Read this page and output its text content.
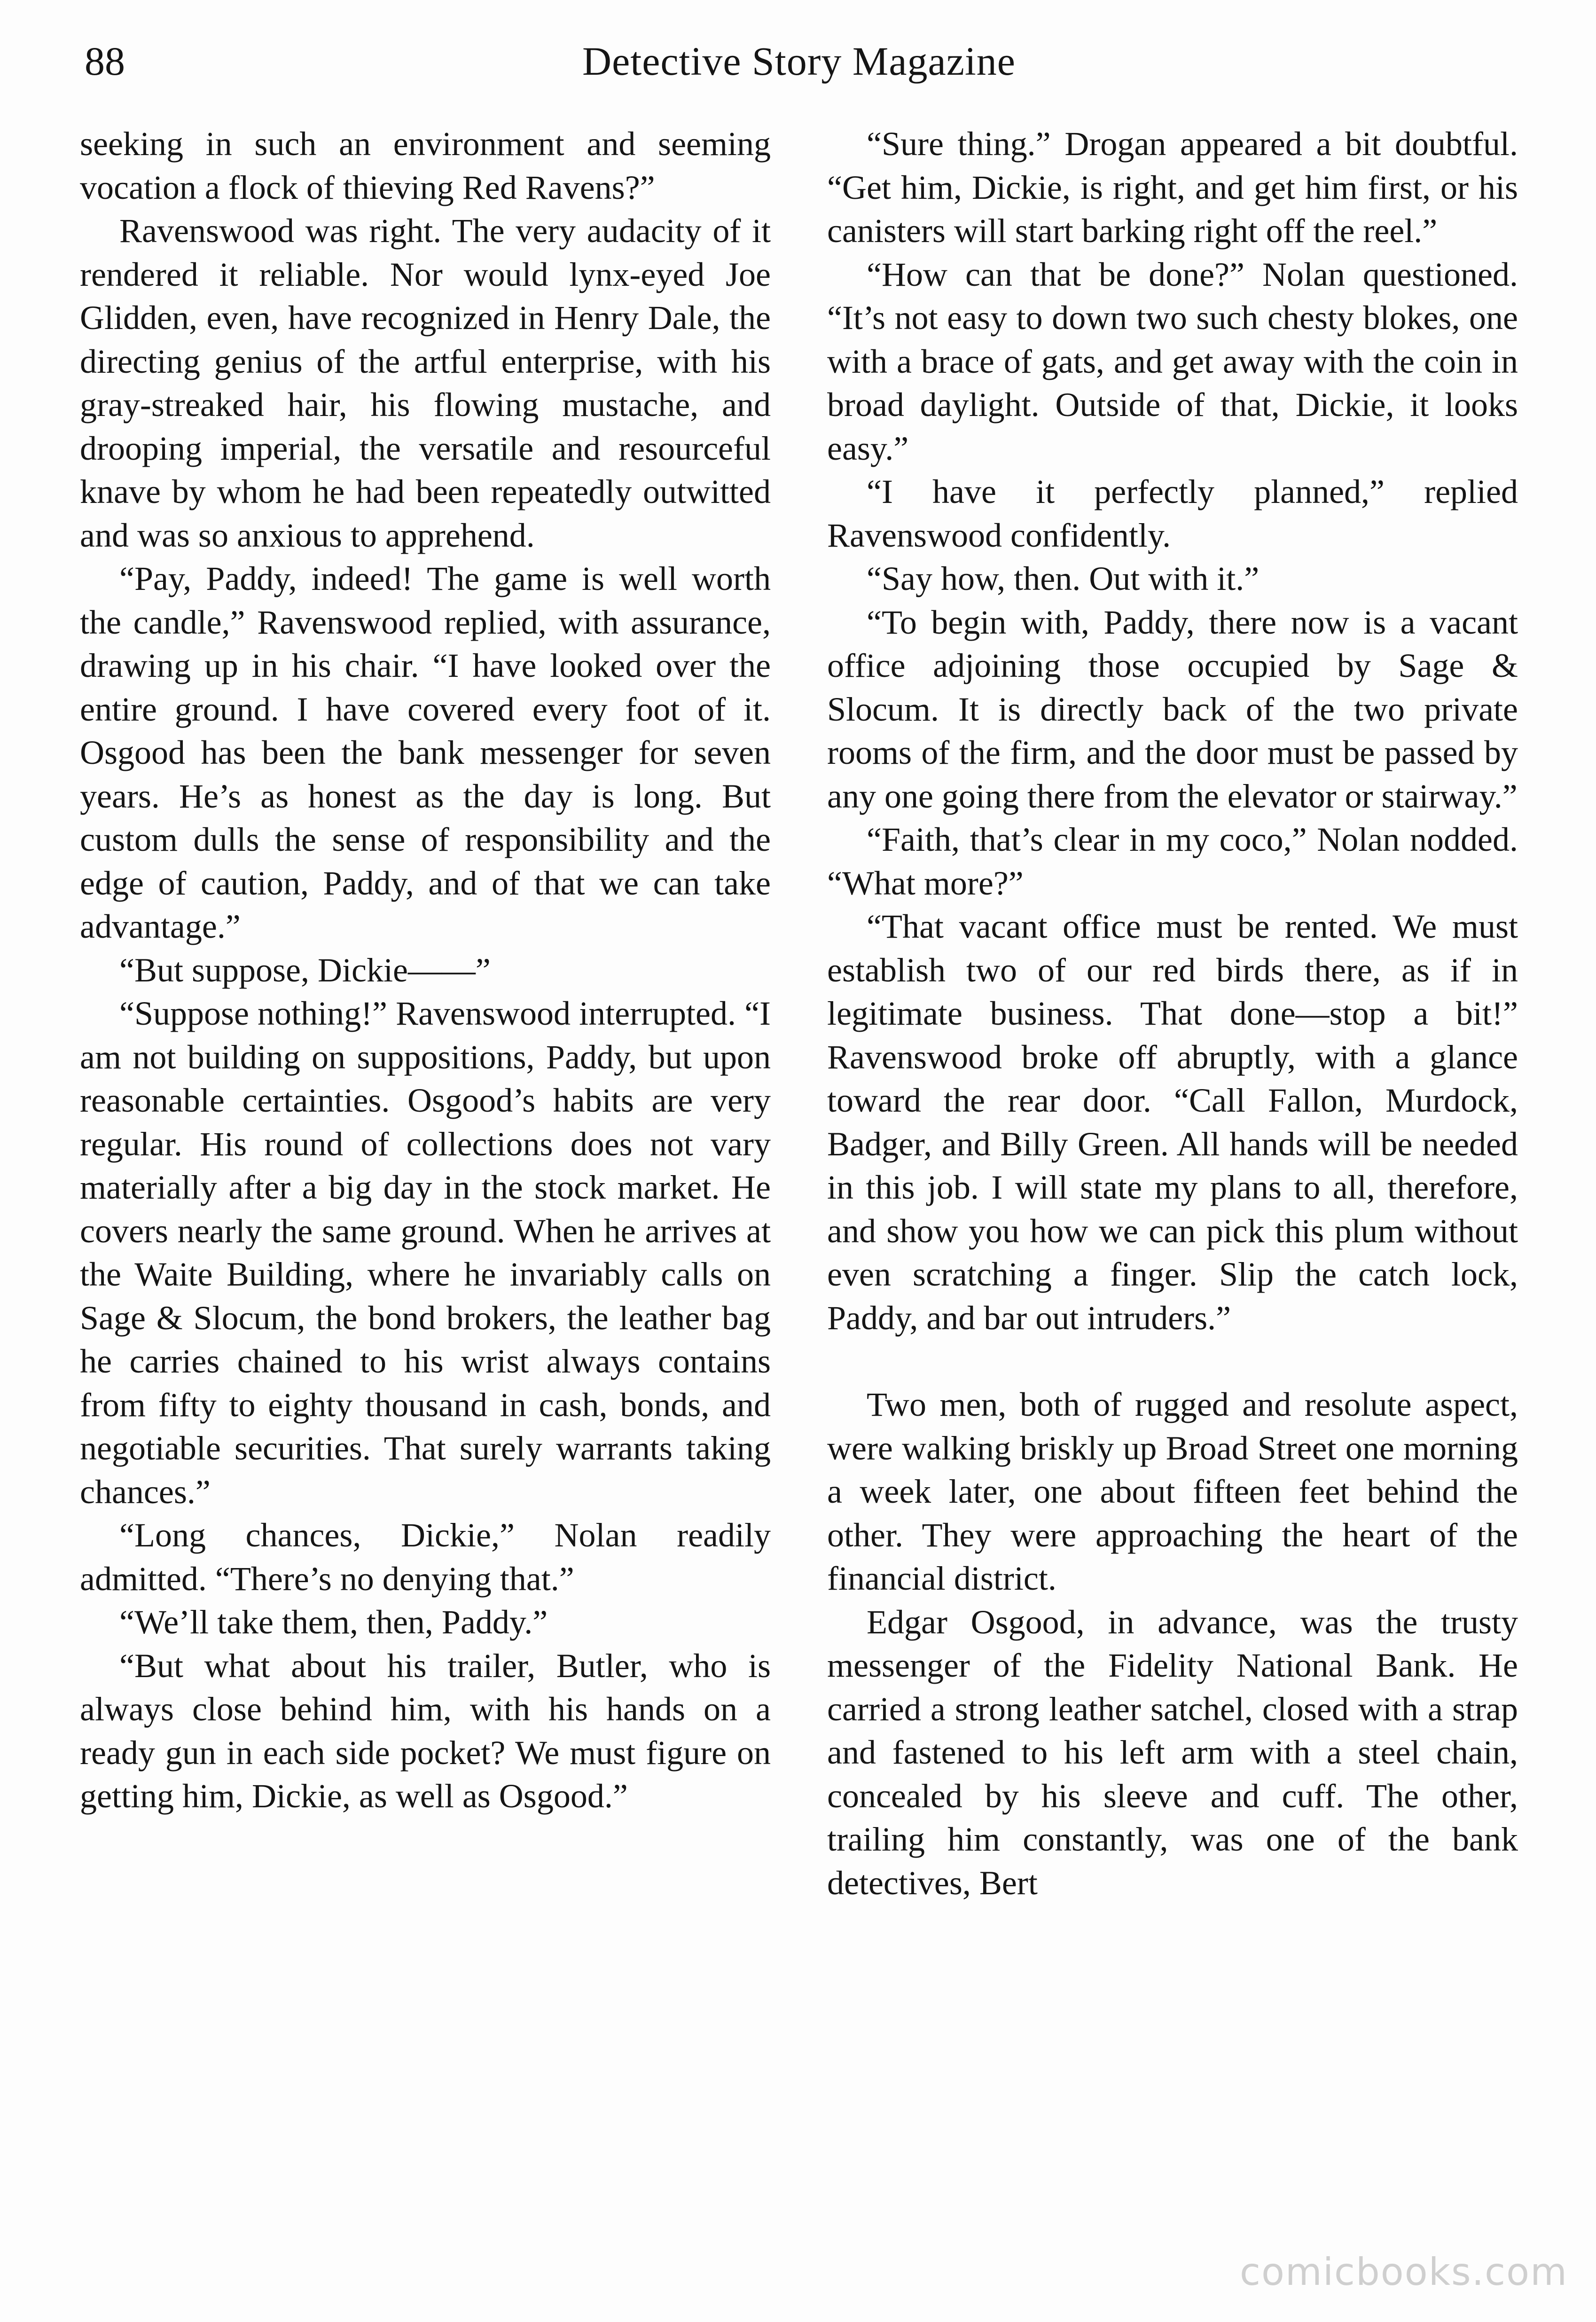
88	Detective Story Magazine

seeking in such an environment and seeming vocation a flock of thieving Red Ravens?”

Ravenswood was right. The very audacity of it rendered it reliable. Nor would lynx-eyed Joe Glidden, even, have recognized in Henry Dale, the directing genius of the artful enterprise, with his gray-streaked hair, his flowing mustache, and drooping imperial, the versatile and resourceful knave by whom he had been repeatedly outwitted and was so anxious to apprehend.

“Pay, Paddy, indeed! The game is well worth the candle,” Ravenswood replied, with assurance, drawing up in his chair. “I have looked over the entire ground. I have covered every foot of it. Osgood has been the bank messenger for seven years. He’s as honest as the day is long. But custom dulls the sense of responsibility and the edge of caution, Paddy, and of that we can take advantage.”

“But suppose, Dickie——”

“Suppose nothing!” Ravenswood interrupted. “I am not building on suppositions, Paddy, but upon reasonable certainties. Osgood’s habits are very regular. His round of collections does not vary materially after a big day in the stock market. He covers nearly the same ground. When he arrives at the Waite Building, where he invariably calls on Sage & Slocum, the bond brokers, the leather bag he carries chained to his wrist always contains from fifty to eighty thousand in cash, bonds, and negotiable securities. That surely warrants taking chances.”

“Long chances, Dickie,” Nolan readily admitted. “There’s no denying that.”

“We’ll take them, then, Paddy.”

“But what about his trailer, Butler, who is always close behind him, with his hands on a ready gun in each side pocket? We must figure on getting him, Dickie, as well as Osgood.”

“Sure thing.” Drogan appeared a bit doubtful. “Get him, Dickie, is right, and get him first, or his canisters will start barking right off the reel.”

“How can that be done?” Nolan questioned. “It’s not easy to down two such chesty blokes, one with a brace of gats, and get away with the coin in broad daylight. Outside of that, Dickie, it looks easy.”

“I have it perfectly planned,” replied Ravenswood confidently.

“Say how, then. Out with it.”

“To begin with, Paddy, there now is a vacant office adjoining those occupied by Sage & Slocum. It is directly back of the two private rooms of the firm, and the door must be passed by any one going there from the elevator or stairway.”

“Faith, that’s clear in my coco,” Nolan nodded. “What more?”

“That vacant office must be rented. We must establish two of our red birds there, as if in legitimate business. That done—stop a bit!” Ravenswood broke off abruptly, with a glance toward the rear door. “Call Fallon, Murdock, Badger, and Billy Green. All hands will be needed in this job. I will state my plans to all, therefore, and show you how we can pick this plum without even scratching a finger. Slip the catch lock, Paddy, and bar out intruders.”

Two men, both of rugged and resolute aspect, were walking briskly up Broad Street one morning a week later, one about fifteen feet behind the other. They were approaching the heart of the financial district.

Edgar Osgood, in advance, was the trusty messenger of the Fidelity National Bank. He carried a strong leather satchel, closed with a strap and fastened to his left arm with a steel chain, concealed by his sleeve and cuff. The other, trailing him constantly, was one of the bank detectives, Bert

comicbooks.com
